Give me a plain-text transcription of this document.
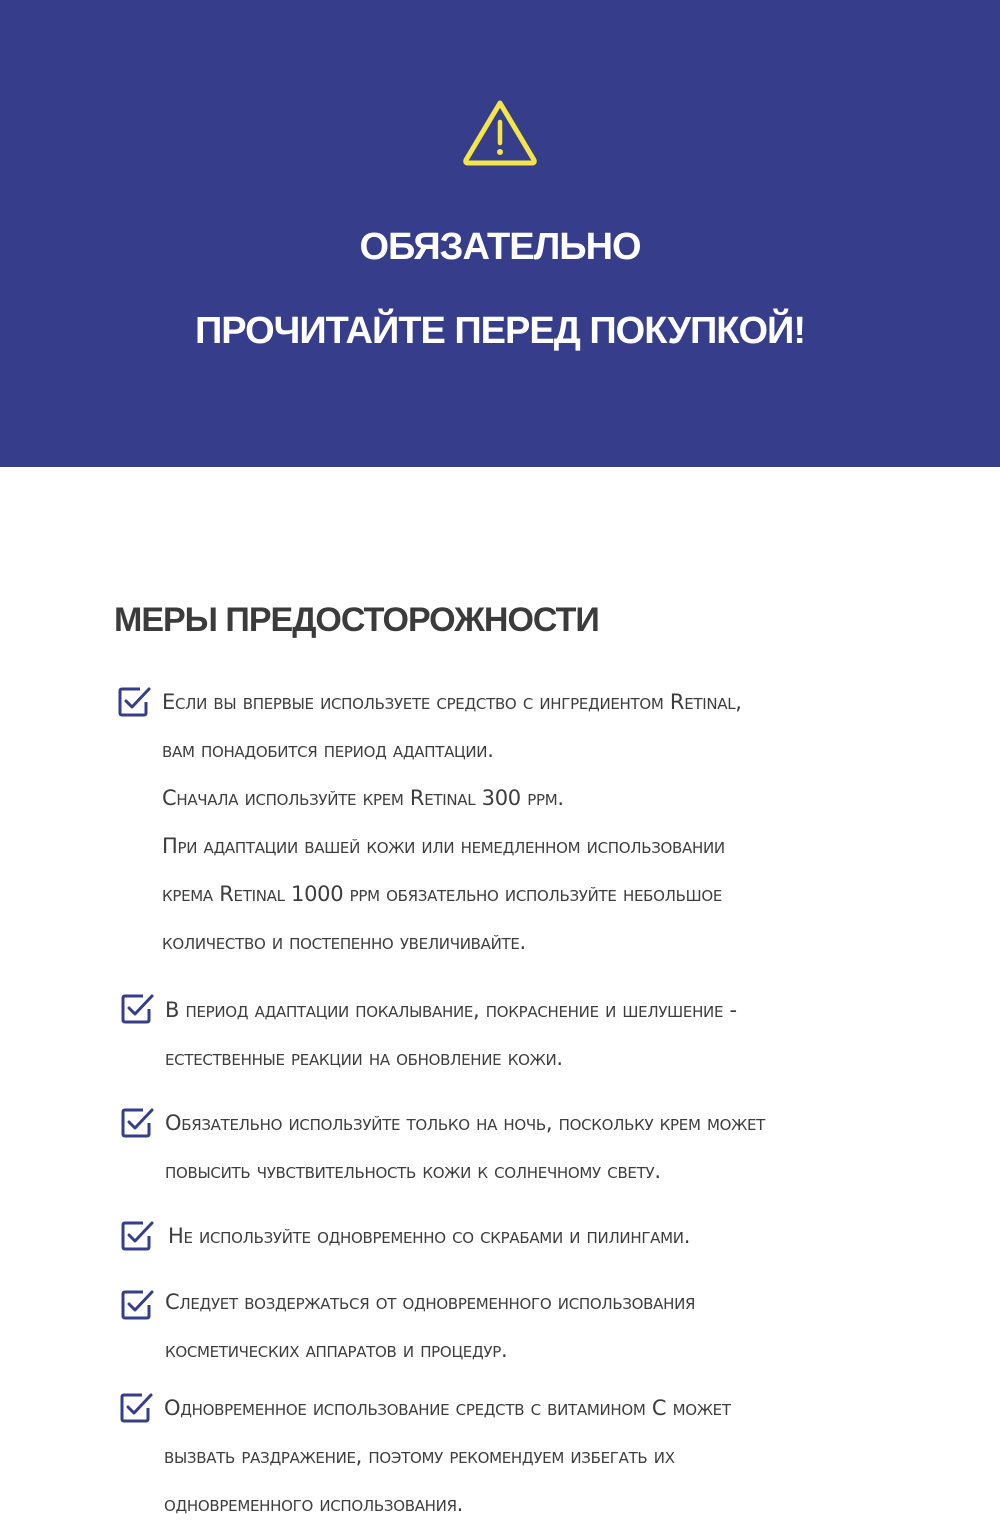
ОБЯЗАТЕЛЬНО
ПРОЧИТАЙТЕ ПЕРЕД ПОКУПКОЙ!
МЕРЫ ПРЕДОСТОРОЖНОСТИ
Если вы впервые используете средство с ингредиентом Retinal,
вам понадобится период адаптации.
Сначала используйте крем Retinal 300 ppm.
При адаптации вашей кожи или немедленном использовании
крема Retinal 1000 ppm обязательно используйте небольшое
количество и постепенно увеличивайте.
В период адаптации покалывание, покраснение и шелушение -
естественные реакции на обновление кожи.
Обязательно используйте только на ночь, поскольку крем может
повысить чувствительность кожи к солнечному свету.
Не используйте одновременно со скрабами и пилингами.
Следует воздержаться от одновременного использования
косметических аппаратов и процедур.
Одновременное использование средств с витамином C может
вызвать раздражение, поэтому рекомендуем избегать их
одновременного использования.
